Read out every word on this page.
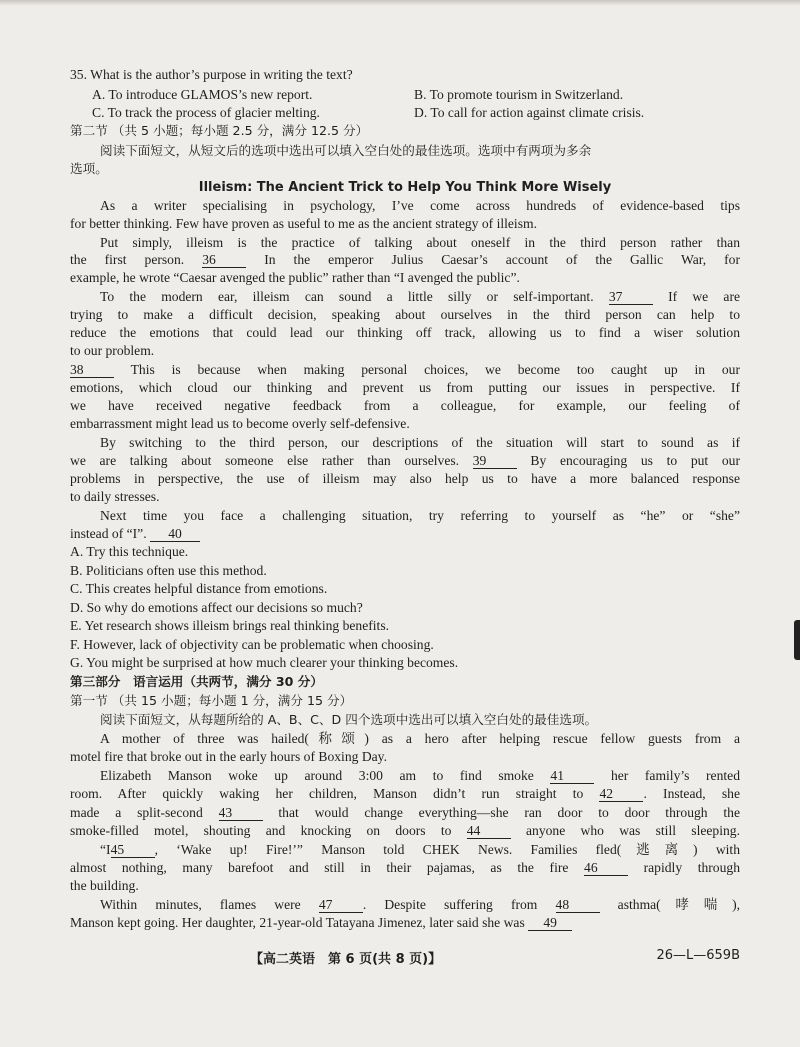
35. What is the author’s purpose in writing the text?
A. To introduce GLAMOS’s new report.	B. To promote tourism in Switzerland.
C. To track the process of glacier melting.	D. To call for action against climate crisis.
第二节 （共 5 小题；每小题 2.5 分，满分 12.5 分）
阅读下面短文，从短文后的选项中选出可以填入空白处的最佳选项。选项中有两项为多余
选项。
Illeism: The Ancient Trick to Help You Think More Wisely
As a writer specialising in psychology, I’ve come across hundreds of evidence-based tips
for better thinking. Few have proven as useful to me as the ancient strategy of illeism.
Put simply, illeism is the practice of talking about oneself in the third person rather than
the first person. 36	In the emperor Julius Caesar’s account of the Gallic War, for
example, he wrote “Caesar avenged the public” rather than “I avenged the public”.
To the modern ear, illeism can sound a little silly or self-important. 37	If we are
trying to make a difficult decision, speaking about ourselves in the third person can help to
reduce the emotions that could lead our thinking off track, allowing us to find a wiser solution
to our problem.
38	This is because when making personal choices, we become too caught up in our
emotions, which cloud our thinking and prevent us from putting our issues in perspective. If
we have received negative feedback from a colleague, for example, our feeling of
embarrassment might lead us to become overly self-defensive.
By switching to the third person, our descriptions of the situation will start to sound as if
we are talking about someone else rather than ourselves. 39	By encouraging us to put our
problems in perspective, the use of illeism may also help us to have a more balanced response
to daily stresses.
Next time you face a challenging situation, try referring to yourself as “he” or “she”
instead of “I”. 40
A. Try this technique.
B. Politicians often use this method.
C. This creates helpful distance from emotions.
D. So why do emotions affect our decisions so much?
E. Yet research shows illeism brings real thinking benefits.
F. However, lack of objectivity can be problematic when choosing.
G. You might be surprised at how much clearer your thinking becomes.
第三部分　语言运用（共两节，满分 30 分）
第一节 （共 15 小题；每小题 1 分，满分 15 分）
阅读下面短文，从每题所给的 A、B、C、D 四个选项中选出可以填入空白处的最佳选项。
A mother of three was hailed(称颂) as a hero after helping rescue fellow guests from a
motel fire that broke out in the early hours of Boxing Day.
Elizabeth Manson woke up around 3:00 am to find smoke 41	her family’s rented
room. After quickly waking her children, Manson didn’t run straight to 42 . Instead, she
made a split-second 43	that would change everything—she ran door to door through the
smoke-filled motel, shouting and knocking on doors to 44	anyone who was still sleeping.
“I45 , ‘Wake up! Fire!’” Manson told CHEK News. Families fled(逃离) with
almost nothing, many barefoot and still in their pajamas, as the fire 46	rapidly through
the building.
Within minutes, flames were 47 . Despite suffering from 48	asthma(哮喘),
Manson kept going. Her daughter, 21-year-old Tatayana Jimenez, later said she was 49
【高二英语　第 6 页(共 8 页)】	26—L—659B
